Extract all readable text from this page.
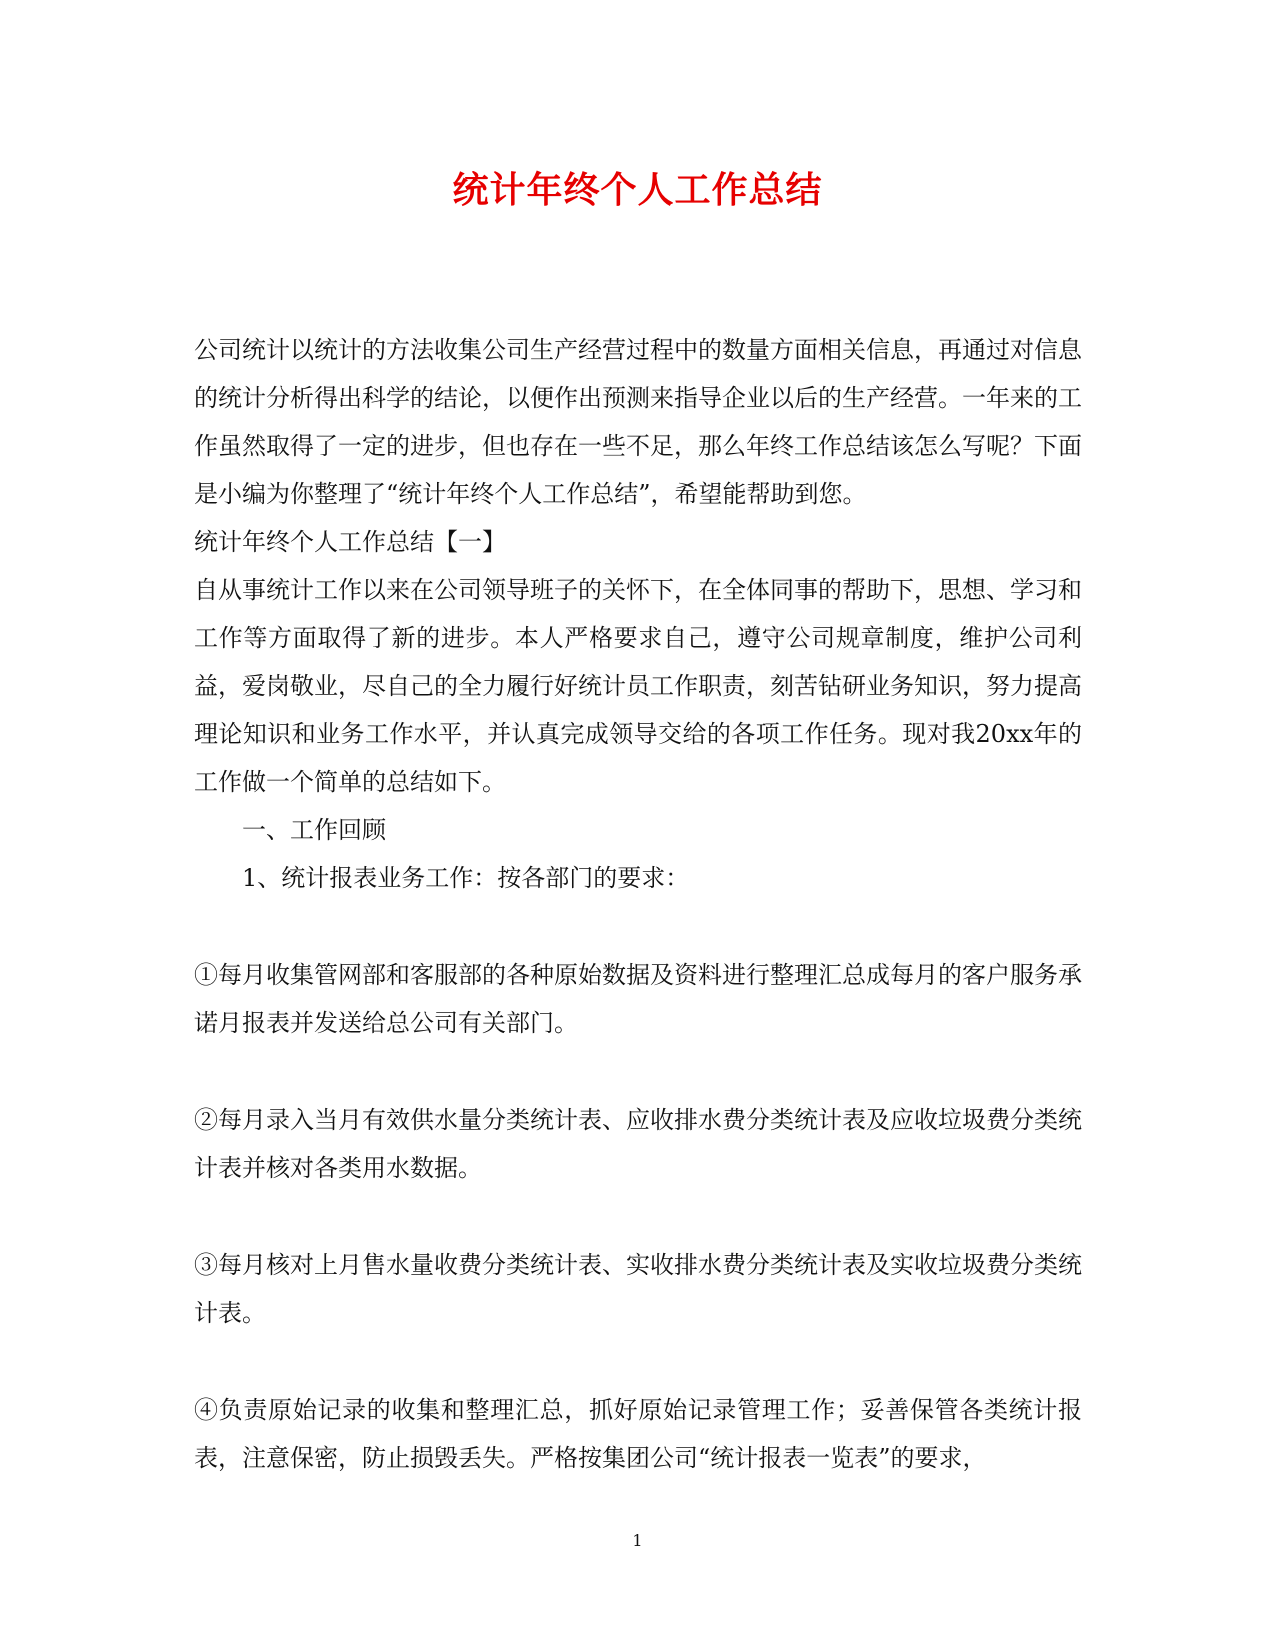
统计年终个人工作总结

公司统计以统计的方法收集公司生产经营过程中的数量方面相关信息，再通过对信息的统计分析得出科学的结论，以便作出预测来指导企业以后的生产经营。一年来的工作虽然取得了一定的进步，但也存在一些不足，那么年终工作总结该怎么写呢？下面是小编为你整理了“统计年终个人工作总结”，希望能帮助到您。

统计年终个人工作总结【一】

自从事统计工作以来在公司领导班子的关怀下，在全体同事的帮助下，思想、学习和工作等方面取得了新的进步。本人严格要求自己，遵守公司规章制度，维护公司利益，爱岗敬业，尽自己的全力履行好统计员工作职责，刻苦钻研业务知识，努力提高理论知识和业务工作水平，并认真完成领导交给的各项工作任务。现对我20xx年的工作做一个简单的总结如下。

一、工作回顾

1、统计报表业务工作：按各部门的要求：

①每月收集管网部和客服部的各种原始数据及资料进行整理汇总成每月的客户服务承诺月报表并发送给总公司有关部门。

②每月录入当月有效供水量分类统计表、应收排水费分类统计表及应收垃圾费分类统计表并核对各类用水数据。

③每月核对上月售水量收费分类统计表、实收排水费分类统计表及实收垃圾费分类统计表。

④负责原始记录的收集和整理汇总，抓好原始记录管理工作；妥善保管各类统计报表，注意保密，防止损毁丢失。严格按集团公司“统计报表一览表”的要求，

1
